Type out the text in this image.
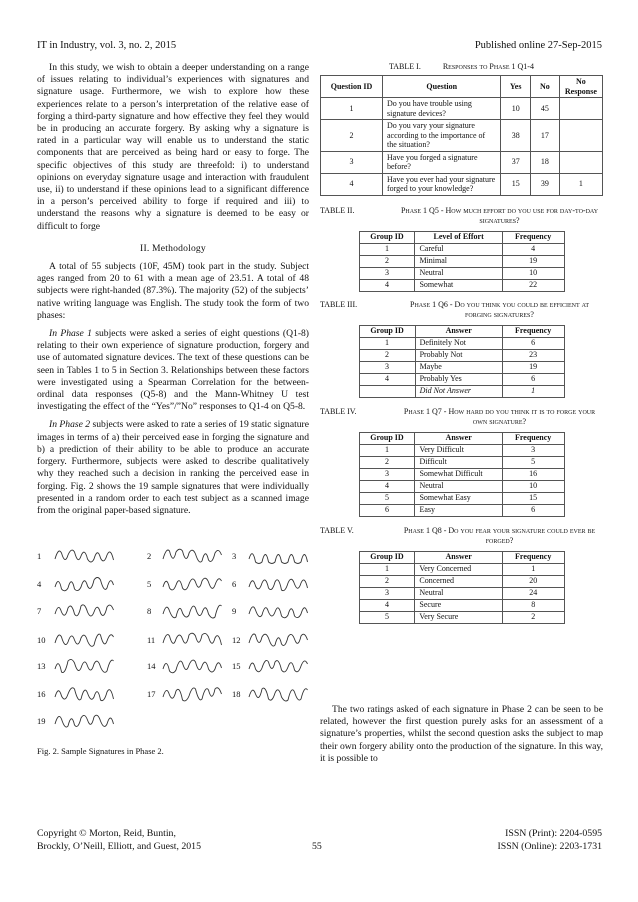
IT in Industry, vol. 3, no. 2, 2015	Published online 27-Sep-2015

In this study, we wish to obtain a deeper understanding on a range of issues relating to individual’s experiences with signatures and signature usage. Furthermore, we wish to explore how these experiences relate to a person’s interpretation of the relative ease of forging a third-party signature and how effective they feel they would be in producing an accurate forgery. By asking why a signature is rated in a particular way will enable us to understand the static components that are perceived as being hard or easy to forge. The specific objectives of this study are threefold: i) to understand opinions on everyday signature usage and interaction with fraudulent use, ii) to understand if these opinions lead to a significant difference in a person’s perceived ability to forge if required and iii) to understand the reasons why a signature is deemed to be easy or difficult to forge

II. Methodology

A total of 55 subjects (10F, 45M) took part in the study. Subject ages ranged from 20 to 61 with a mean age of 23.51. A total of 48 subjects were right-handed (87.3%). The majority (52) of the subjects’ native writing language was English. The study took the form of two phases:

In Phase 1 subjects were asked a series of eight questions (Q1-8) relating to their own experience of signature production, forgery and use of automated signature devices. The text of these questions can be seen in Tables 1 to 5 in Section 3. Relationships between these factors were investigated using a Spearman Correlation for the between-ordinal data responses (Q5-8) and the Mann-Whitney U test investigating the effect of the “Yes”/”No” responses to Q1-4 on Q5-8.

In Phase 2 subjects were asked to rate a series of 19 static signature images in terms of a) their perceived ease in forging the signature and b) a prediction of their ability to be able to produce an accurate forgery. Furthermore, subjects were asked to describe qualitatively why they reached such a decision in ranking the perceived ease in forging. Fig. 2 shows the 19 sample signatures that were individually presented in a random order to each test subject as a scanned image from the original paper-based signature.

1	2	3
4	5	6
7	8	9
10	11	12
13	14	15
16	17	18
19
Fig. 2. Sample Signatures in Phase 2.

TABLE I.	Responses to Phase 1 Q1-4

Question ID	Question	Yes	No	No Response
1	Do you have trouble using signature devices?	10	45	
2	Do you vary your signature according to the importance of the situation?	38	17	
3	Have you forged a signature before?	37	18	
4	Have you ever had your signature forged to your knowledge?	15	39	1
TABLE II.	Phase 1 Q5 - How much effort do you use for day-to-day signatures?
Group ID	Level of Effort	Frequency
1	Careful	4
2	Minimal	19
3	Neutral	10
4	Somewhat	22
TABLE III.	Phase 1 Q6 - Do you think you could be efficient at forging signatures?
Group ID	Answer	Frequency
1	Definitely Not	6
2	Probably Not	23
3	Maybe	19
4	Probably Yes	6
	Did Not Answer	1
TABLE IV.	Phase 1 Q7 - How hard do you think it is to forge your own signature?
Group ID	Answer	Frequency
1	Very Difficult	3
2	Difficult	5
3	Somewhat Difficult	16
4	Neutral	10
5	Somewhat Easy	15
6	Easy	6
TABLE V.	Phase 1 Q8 - Do you fear your signature could ever be forged?
Group ID	Answer	Frequency
1	Very Concerned	1
2	Concerned	20
3	Neutral	24
4	Secure	8
5	Very Secure	2

The two ratings asked of each signature in Phase 2 can be seen to be related, however the first question purely asks for an assessment of a signature’s properties, whilst the second question asks the subject to map their own forgery ability onto the production of the signature. In this way, it is possible to

Copyright © Morton, Reid, Buntin,
Brockly, O’Neill, Elliott, and Guest, 2015	55
ISSN (Print): 2204-0595
ISSN (Online): 2203-1731
